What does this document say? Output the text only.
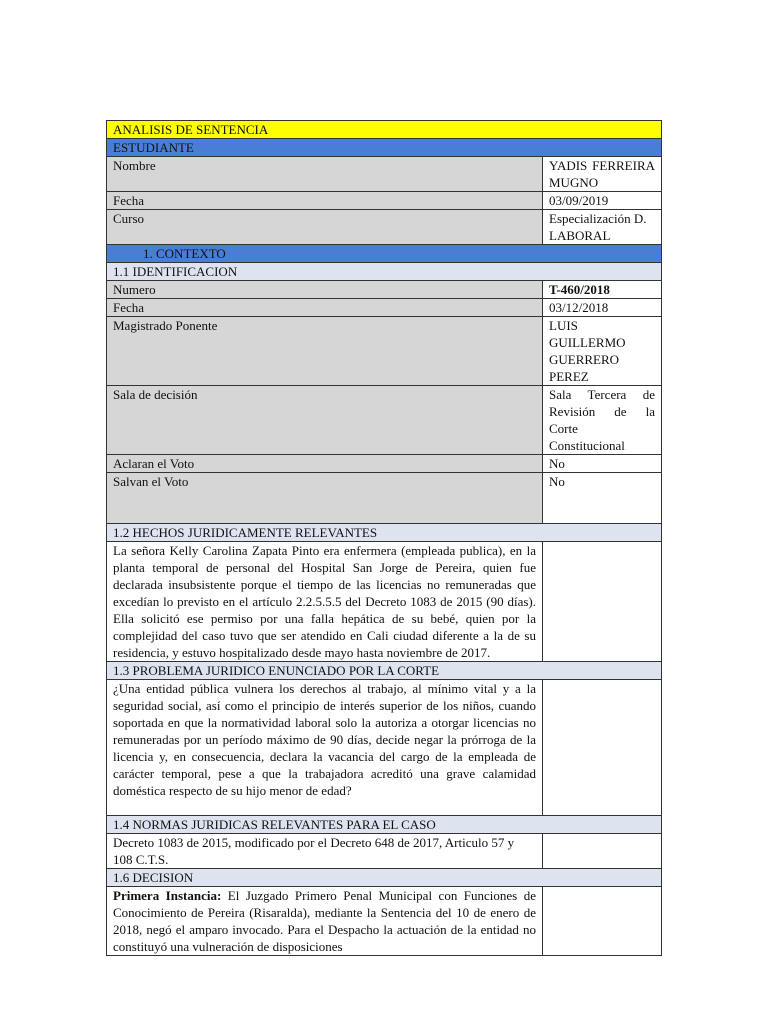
ANALISIS DE SENTENCIA	
ESTUDIANTE	
Nombre	YADIS FERREIRA MUGNO
Fecha	03/09/2019
Curso	Especialización D. LABORAL
1. CONTEXTO	
1.1 IDENTIFICACION	
Numero	T-460/2018
Fecha	03/12/2018
Magistrado Ponente	LUIS GUILLERMO GUERRERO PEREZ
Sala de decisión	Sala Tercera de Revisión de la Corte Constitucional
Aclaran el Voto	No
Salvan el Voto	No
1.2 HECHOS JURIDICAMENTE RELEVANTES	
La señora Kelly Carolina Zapata Pinto era enfermera (empleada publica), en la planta temporal de personal del Hospital San Jorge de Pereira, quien fue declarada insubsistente porque el tiempo de las licencias no remuneradas que excedían lo previsto en el artículo 2.2.5.5.5 del Decreto 1083 de 2015 (90 días). Ella solicitó ese permiso por una falla hepática de su bebé, quien por la complejidad del caso tuvo que ser atendido en Cali ciudad diferente a la de su residencia, y estuvo hospitalizado desde mayo hasta noviembre de 2017.	
1.3 PROBLEMA JURIDICO ENUNCIADO POR LA CORTE	
¿Una entidad pública vulnera los derechos al trabajo, al mínimo vital y a la seguridad social, así como el principio de interés superior de los niños, cuando soportada en que la normatividad laboral solo la autoriza a otorgar licencias no remuneradas por un período máximo de 90 días, decide negar la prórroga de la licencia y, en consecuencia, declara la vacancia del cargo de la empleada de carácter temporal, pese a que la trabajadora acreditó una grave calamidad doméstica respecto de su hijo menor de edad?	
1.4 NORMAS JURIDICAS RELEVANTES PARA EL CASO	
Decreto 1083 de 2015, modificado por el Decreto 648 de 2017, Articulo 57 y 108 C.T.S.	
1.6 DECISION	
Primera Instancia: El Juzgado Primero Penal Municipal con Funciones de Conocimiento de Pereira (Risaralda), mediante la Sentencia del 10 de enero de 2018, negó el amparo invocado. Para el Despacho la actuación de la entidad no constituyó una vulneración de disposiciones	
